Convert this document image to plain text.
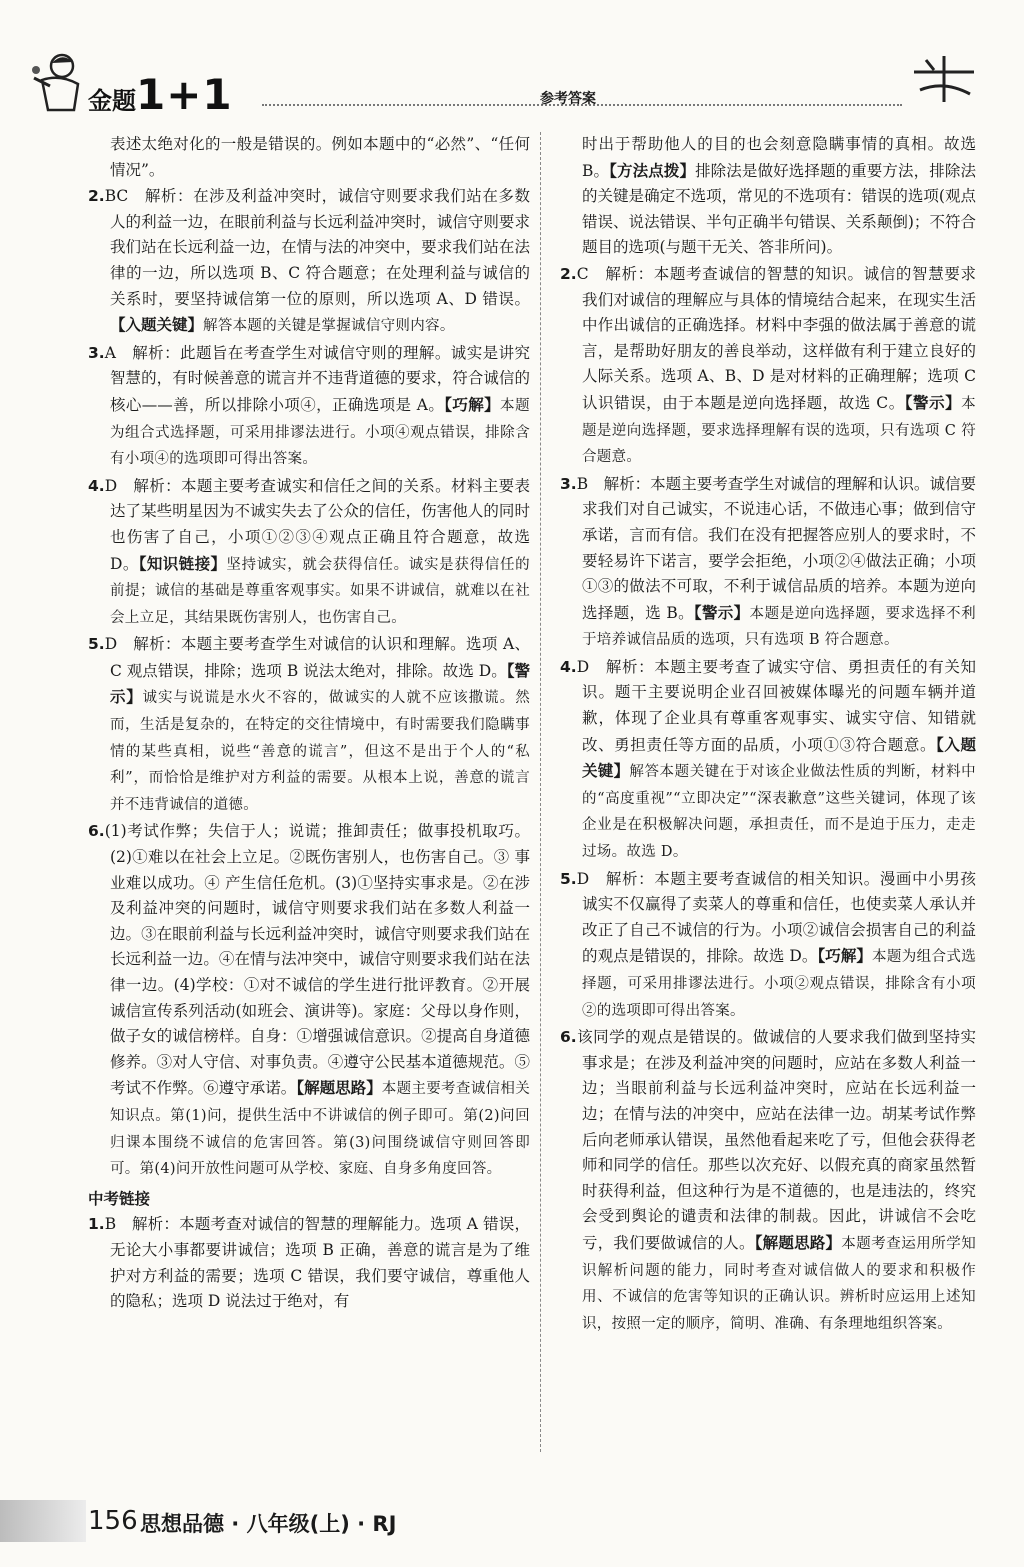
金题1+1	参考答案

表述太绝对化的一般是错误的。例如本题中的“必然”、“任何情况”。

2.BC　解析：在涉及利益冲突时，诚信守则要求我们站在多数人的利益一边，在眼前利益与长远利益冲突时，诚信守则要求我们站在长远利益一边，在情与法的冲突中，要求我们站在法律的一边，所以选项 B、C 符合题意；在处理利益与诚信的关系时，要坚持诚信第一位的原则，所以选项 A、D 错误。【入题关键】解答本题的关键是掌握诚信守则内容。

3.A　解析：此题旨在考查学生对诚信守则的理解。诚实是讲究智慧的，有时候善意的谎言并不违背道德的要求，符合诚信的核心——善，所以排除小项④，正确选项是 A。【巧解】本题为组合式选择题，可采用排谬法进行。小项④观点错误，排除含有小项④的选项即可得出答案。

4.D　解析：本题主要考查诚实和信任之间的关系。材料主要表达了某些明星因为不诚实失去了公众的信任，伤害他人的同时也伤害了自己，小项①②③④观点正确且符合题意，故选 D。【知识链接】坚持诚实，就会获得信任。诚实是获得信任的前提；诚信的基础是尊重客观事实。如果不讲诚信，就难以在社会上立足，其结果既伤害别人，也伤害自己。

5.D　解析：本题主要考查学生对诚信的认识和理解。选项 A、C 观点错误，排除；选项 B 说法太绝对，排除。故选 D。【警示】诚实与说谎是水火不容的，做诚实的人就不应该撒谎。然而，生活是复杂的，在特定的交往情境中，有时需要我们隐瞒事情的某些真相，说些“善意的谎言”，但这不是出于个人的“私利”，而恰恰是维护对方利益的需要。从根本上说，善意的谎言并不违背诚信的道德。

6.(1)考试作弊；失信于人；说谎；推卸责任；做事投机取巧。(2)①难以在社会上立足。②既伤害别人，也伤害自己。③ 事业难以成功。④ 产生信任危机。(3)①坚持实事求是。②在涉及利益冲突的问题时，诚信守则要求我们站在多数人利益一边。③在眼前利益与长远利益冲突时，诚信守则要求我们站在长远利益一边。④在情与法冲突中，诚信守则要求我们站在法律一边。(4)学校：①对不诚信的学生进行批评教育。②开展诚信宣传系列活动(如班会、演讲等)。家庭：父母以身作则，做子女的诚信榜样。自身：①增强诚信意识。②提高自身道德修养。③对人守信、对事负责。④遵守公民基本道德规范。⑤考试不作弊。⑥遵守承诺。【解题思路】本题主要考查诚信相关知识点。第(1)问，提供生活中不讲诚信的例子即可。第(2)问回归课本围绕不诚信的危害回答。第(3)问围绕诚信守则回答即可。第(4)问开放性问题可从学校、家庭、自身多角度回答。

中考链接

1.B　解析：本题考查对诚信的智慧的理解能力。选项 A 错误，无论大小事都要讲诚信；选项 B 正确，善意的谎言是为了维护对方利益的需要；选项 C 错误，我们要守诚信，尊重他人的隐私；选项 D 说法过于绝对，有

时出于帮助他人的目的也会刻意隐瞒事情的真相。故选 B。【方法点拨】排除法是做好选择题的重要方法，排除法的关键是确定不选项，常见的不选项有：错误的选项(观点错误、说法错误、半句正确半句错误、关系颠倒)；不符合题目的选项(与题干无关、答非所问)。

2.C　解析：本题考查诚信的智慧的知识。诚信的智慧要求我们对诚信的理解应与具体的情境结合起来，在现实生活中作出诚信的正确选择。材料中李强的做法属于善意的谎言，是帮助好朋友的善良举动，这样做有利于建立良好的人际关系。选项 A、B、D 是对材料的正确理解；选项 C 认识错误，由于本题是逆向选择题，故选 C。【警示】本题是逆向选择题，要求选择理解有误的选项，只有选项 C 符合题意。

3.B　解析：本题主要考查学生对诚信的理解和认识。诚信要求我们对自己诚实，不说违心话，不做违心事；做到信守承诺，言而有信。我们在没有把握答应别人的要求时，不要轻易许下诺言，要学会拒绝，小项②④做法正确；小项①③的做法不可取，不利于诚信品质的培养。本题为逆向选择题，选 B。【警示】本题是逆向选择题，要求选择不利于培养诚信品质的选项，只有选项 B 符合题意。

4.D　解析：本题主要考查了诚实守信、勇担责任的有关知识。题干主要说明企业召回被媒体曝光的问题车辆并道歉，体现了企业具有尊重客观事实、诚实守信、知错就改、勇担责任等方面的品质，小项①③符合题意。【入题关键】解答本题关键在于对该企业做法性质的判断，材料中的“高度重视”“立即决定”“深表歉意”这些关键词，体现了该企业是在积极解决问题，承担责任，而不是迫于压力，走走过场。故选 D。

5.D　解析：本题主要考查诚信的相关知识。漫画中小男孩诚实不仅赢得了卖菜人的尊重和信任，也使卖菜人承认并改正了自己不诚信的行为。小项②诚信会损害自己的利益的观点是错误的，排除。故选 D。【巧解】本题为组合式选择题，可采用排谬法进行。小项②观点错误，排除含有小项②的选项即可得出答案。

6.该同学的观点是错误的。做诚信的人要求我们做到坚持实事求是；在涉及利益冲突的问题时，应站在多数人利益一边；当眼前利益与长远利益冲突时，应站在长远利益一边；在情与法的冲突中，应站在法律一边。胡某考试作弊后向老师承认错误，虽然他看起来吃了亏，但他会获得老师和同学的信任。那些以次充好、以假充真的商家虽然暂时获得利益，但这种行为是不道德的，也是违法的，终究会受到舆论的谴责和法律的制裁。因此，讲诚信不会吃亏，我们要做诚信的人。【解题思路】本题考查运用所学知识解析问题的能力，同时考查对诚信做人的要求和积极作用、不诚信的危害等知识的正确认识。辨析时应运用上述知识，按照一定的顺序，简明、准确、有条理地组织答案。

156 思想品德 · 八年级(上) · RJ
